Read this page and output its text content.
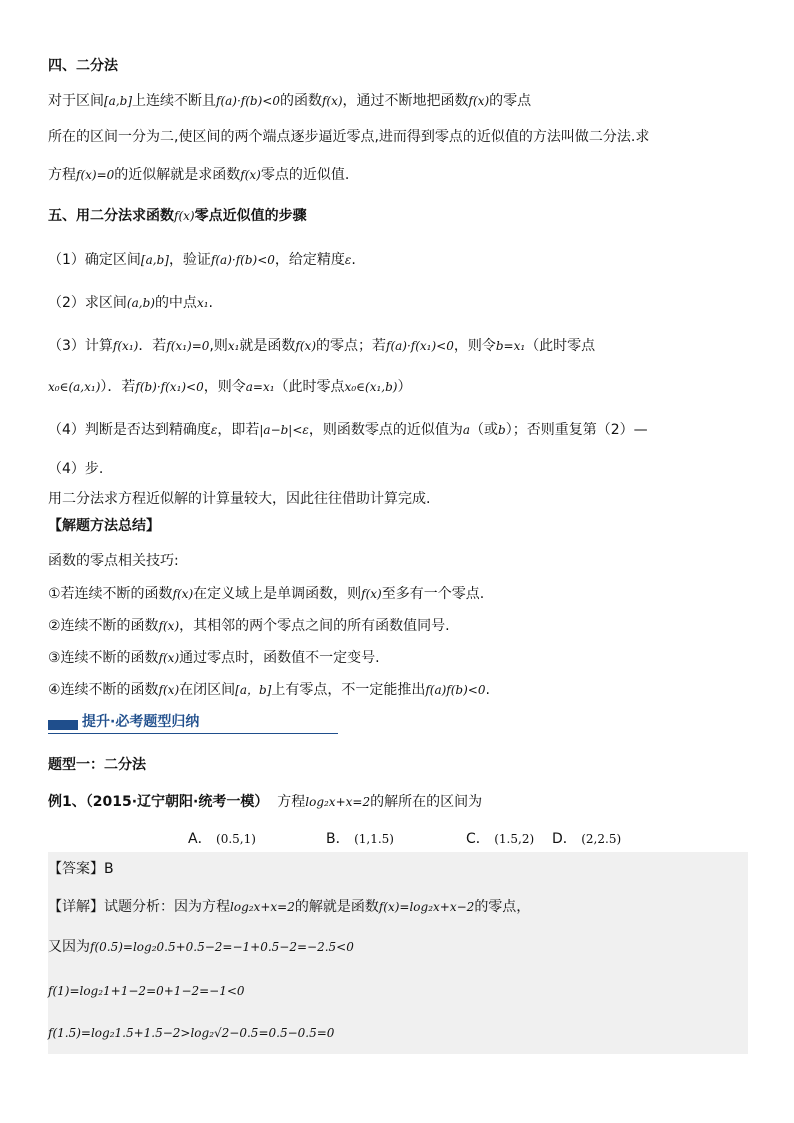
四、二分法
对于区间[a,b]上连续不断且f(a)·f(b)<0的函数f(x)，通过不断地把函数f(x)的零点
所在的区间一分为二,使区间的两个端点逐步逼近零点,进而得到零点的近似值的方法叫做二分法.求
方程f(x)=0的近似解就是求函数f(x)零点的近似值.
五、用二分法求函数f(x)零点近似值的步骤
（1）确定区间[a,b]，验证f(a)·f(b)<0，给定精度ε.
（2）求区间(a,b)的中点x₁.
（3）计算f(x₁)．若f(x₁)=0,则x₁就是函数f(x)的零点；若f(a)·f(x₁)<0，则令b=x₁（此时零点
x₀∈(a,x₁)）．若f(b)·f(x₁)<0，则令a=x₁（此时零点x₀∈(x₁,b)）
（4）判断是否达到精确度ε，即若|a−b|<ε，则函数零点的近似值为a（或b）；否则重复第（2）—
（4）步.
用二分法求方程近似解的计算量较大，因此往往借助计算完成.
【解题方法总结】
函数的零点相关技巧:
①若连续不断的函数f(x)在定义域上是单调函数，则f(x)至多有一个零点.
②连续不断的函数f(x)，其相邻的两个零点之间的所有函数值同号.
③连续不断的函数f(x)通过零点时，函数值不一定变号.
④连续不断的函数f(x)在闭区间[a，b]上有零点，不一定能推出f(a)f(b)<0.
提升·必考题型归纳
题型一：二分法
例1、（2015·辽宁朝阳·统考一模） 方程log₂x+x=2的解所在的区间为
A． (0.5,1)	B． (1,1.5)	C． (1.5,2) D． (2,2.5)
【答案】B
【详解】试题分析：因为方程log₂x+x=2的解就是函数f(x)=log₂x+x−2的零点，
又因为f(0.5)=log₂0.5+0.5−2=−1+0.5−2=−2.5<0
f(1)=log₂1+1−2=0+1−2=−1<0
f(1.5)=log₂1.5+1.5−2>log₂√2−0.5=0.5−0.5=0
